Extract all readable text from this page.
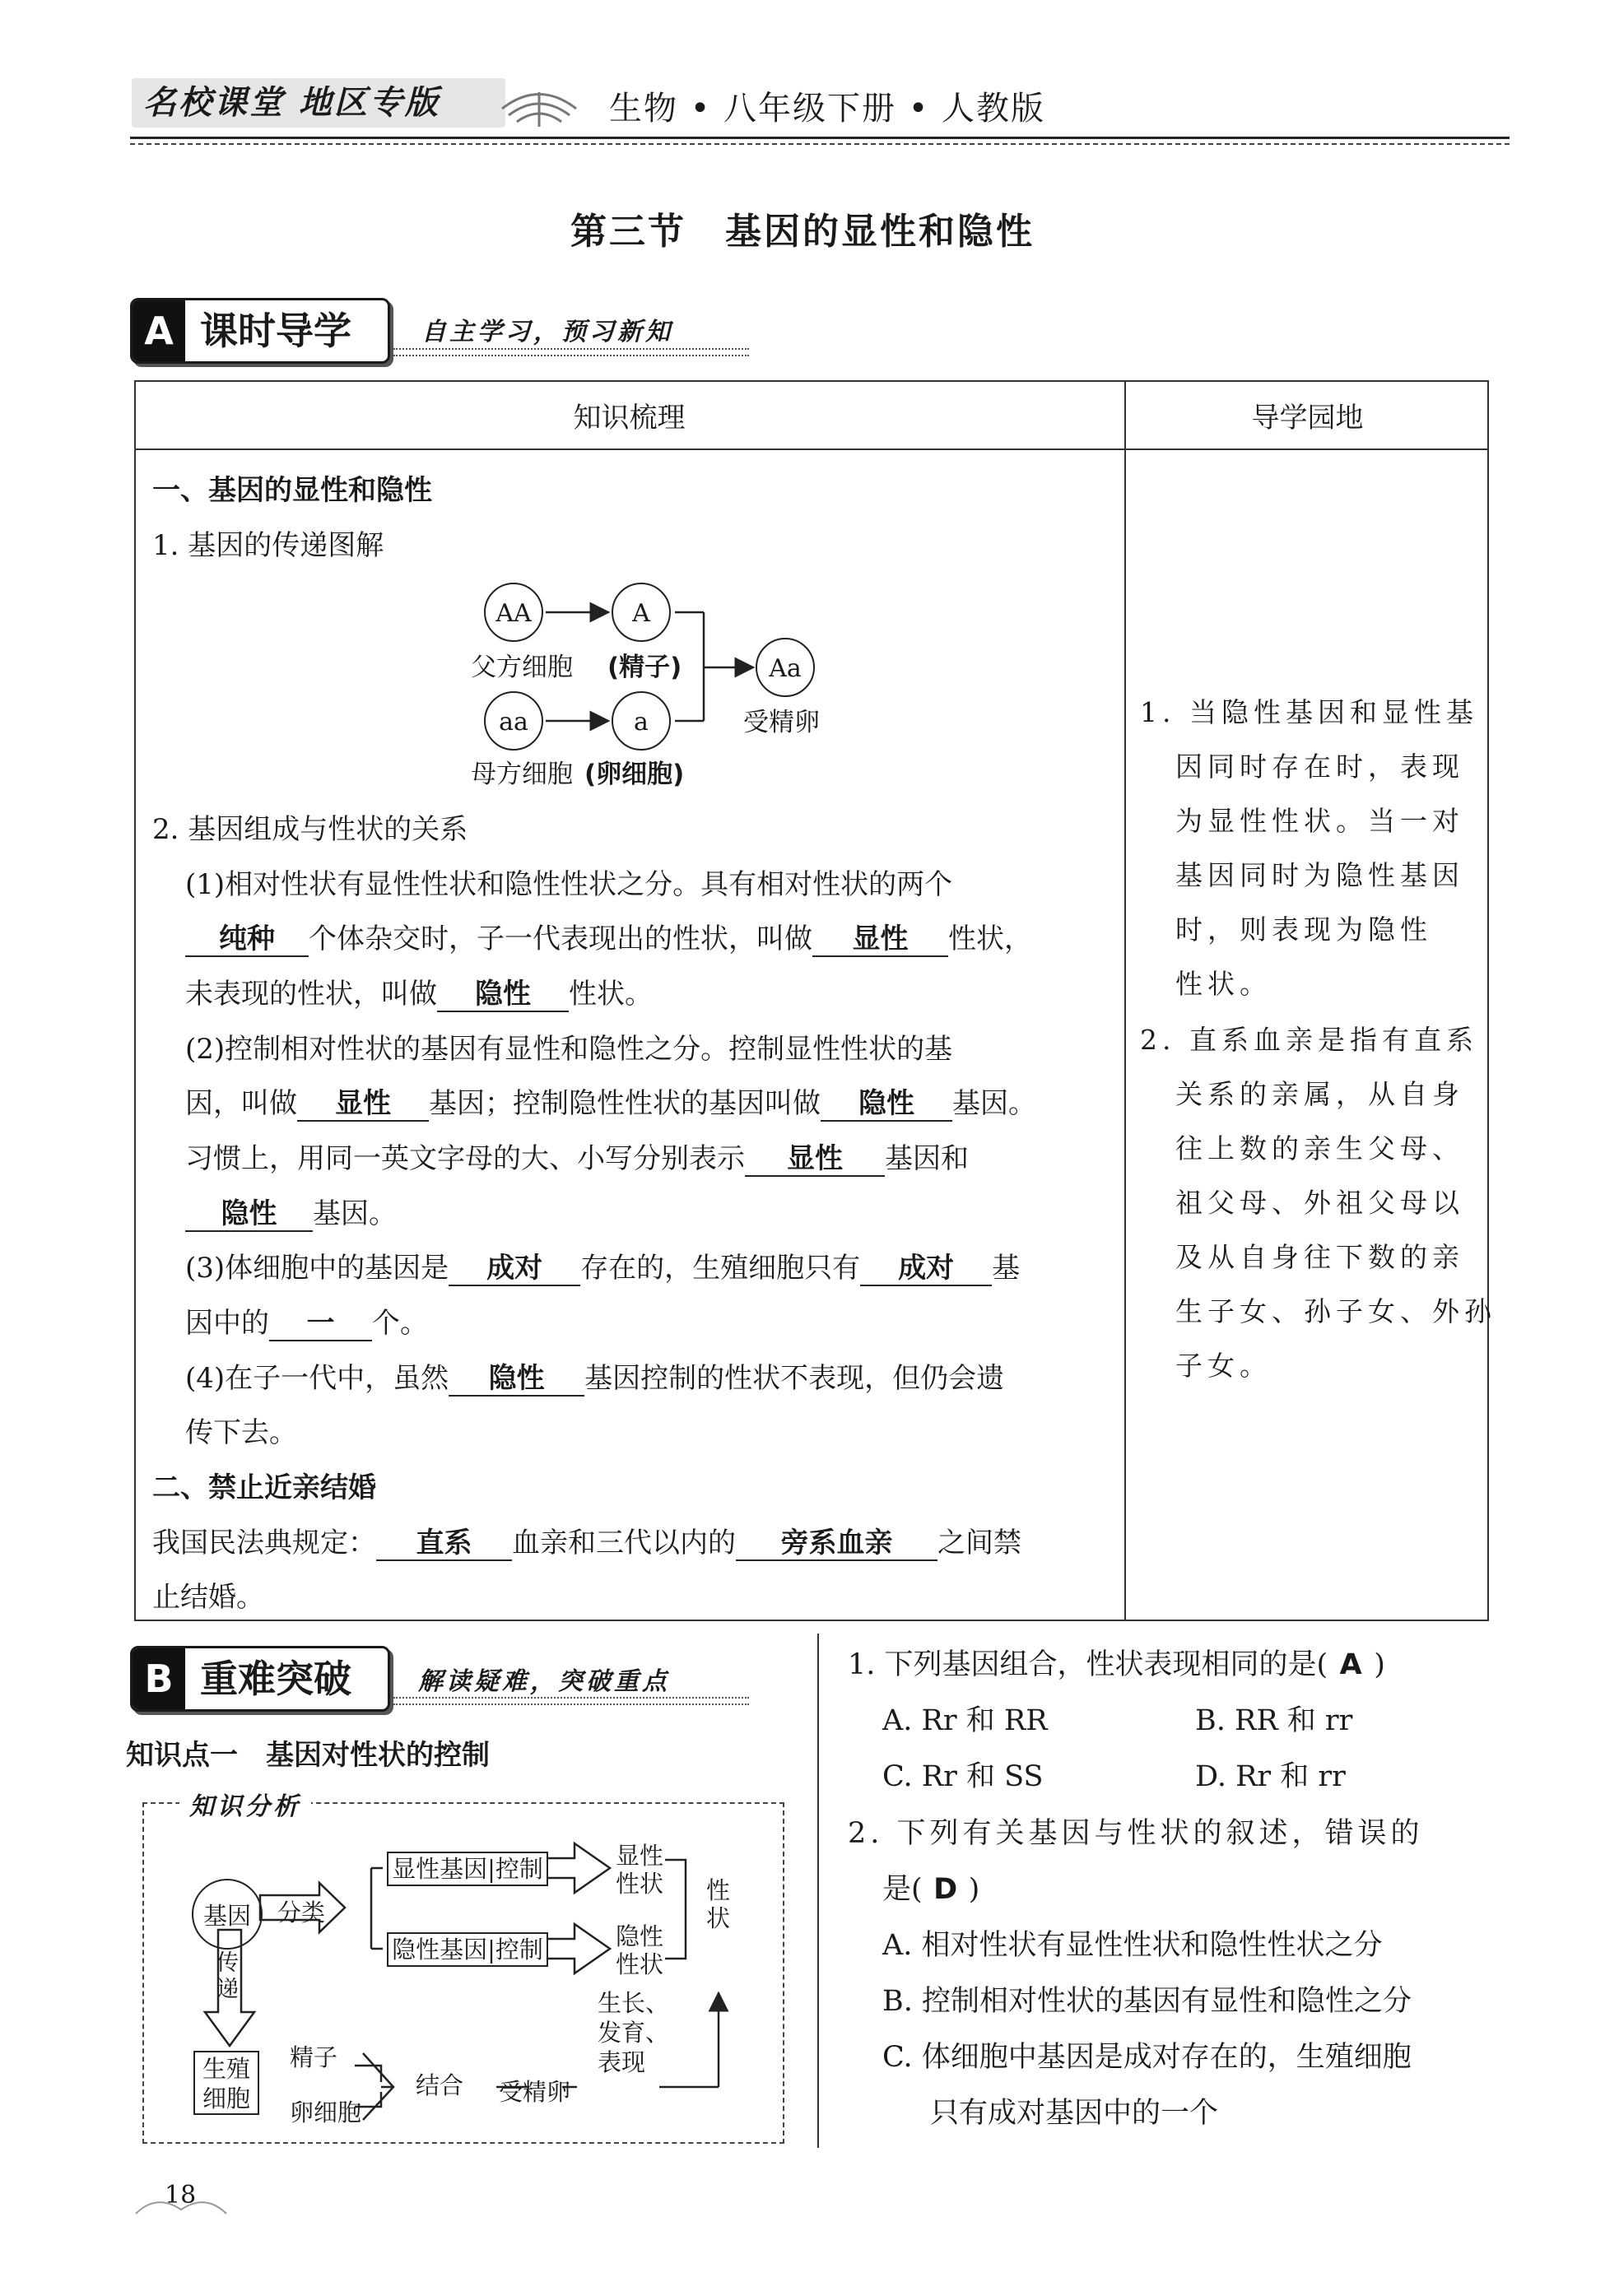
名校课堂 地区专版	生物 • 八年级下册 • 人教版
第三节　基因的显性和隐性
A 课时导学	自主学习，预习新知
知识梳理	导学园地
一、基因的显性和隐性
1. 基因的传递图解
AA	A
aa	a
Aa
父方细胞 (精子)
母方细胞 (卵细胞)
受精卵
2. 基因组成与性状的关系
(1)相对性状有显性性状和隐性性状之分。具有相对性状的两个
纯种 个体杂交时，子一代表现出的性状，叫做 显性 性状，
未表现的性状，叫做 隐性 性状。
(2)控制相对性状的基因有显性和隐性之分。控制显性性状的基
因，叫做 显性 基因；控制隐性性状的基因叫做 隐性 基因。
习惯上，用同一英文字母的大、小写分别表示 显性 基因和
隐性 基因。
(3)体细胞中的基因是 成对 存在的，生殖细胞只有 成对 基
因中的 一 个。
(4)在子一代中，虽然 隐性 基因控制的性状不表现，但仍会遗
传下去。
二、禁止近亲结婚
我国民法典规定： 直系 血亲和三代以内的 旁系血亲 之间禁
止结婚。
1. 当隐性基因和显性基
因同时存在时，表现
为显性性状。当一对
基因同时为隐性基因
时，则表现为隐性
性状。
2. 直系血亲是指有直系
关系的亲属，从自身
往上数的亲生父母、
祖父母、外祖父母以
及从自身往下数的亲
生子女、孙子女、外孙
子女。
B 重难突破	解读疑难，突破重点
知识点一　基因对性状的控制
知识分析
基因	分类
显性基因|控制
隐性基因|控制
显性性状
隐性性状
性状
传递
生殖细胞
精子
卵细胞
结合 受精卵
生长、发育、表现
1. 下列基因组合，性状表现相同的是( A )
A. Rr 和 RR	B. RR 和 rr
C. Rr 和 SS	D. Rr 和 rr
2. 下列有关基因与性状的叙述，错误的
是( D )
A. 相对性状有显性性状和隐性性状之分
B. 控制相对性状的基因有显性和隐性之分
C. 体细胞中基因是成对存在的，生殖细胞
只有成对基因中的一个
18
